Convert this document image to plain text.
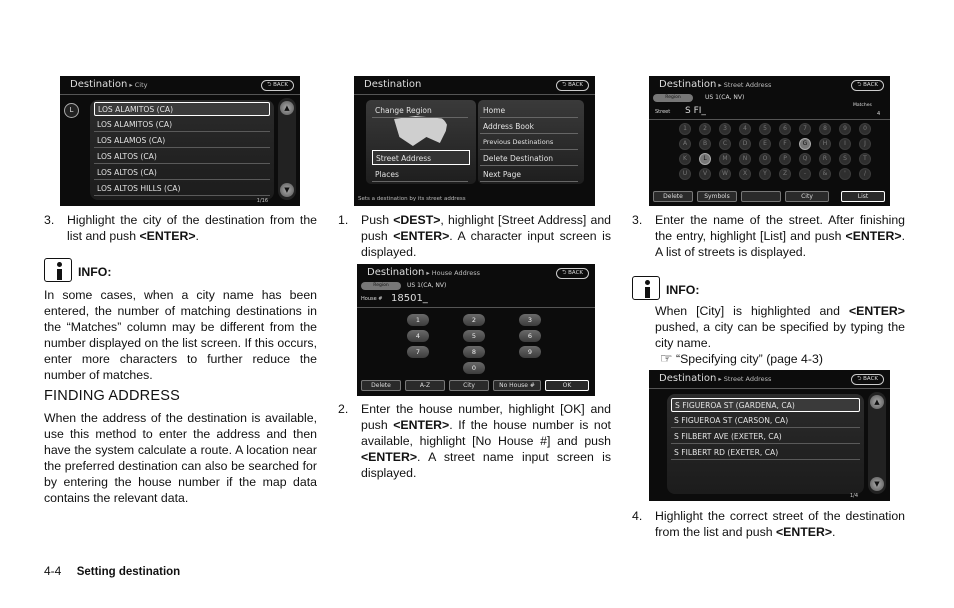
Destination ▸ City	⮌ BACK
L	LOS ALAMITOS (CA)
LOS ALAMITOS (CA)
LOS ALAMOS (CA)
LOS ALTOS (CA)
LOS ALTOS (CA)
LOS ALTOS HILLS (CA)
▲
▼
1/16
3. Highlight the city of the destination from the list and push <ENTER>.
INFO:
In some cases, when a city name has been entered, the number of matching destinations in the “Matches” column may be different from the number displayed on the list screen. If this occurs, enter more characters to further reduce the number of matches.
FINDING ADDRESS
When the address of the destination is available, use this method to enter the address and then have the system calculate a route. A location near the preferred destination can also be searched for by entering the house number if the map data contains the relevant data.
Destination	⮌ BACK
Change Region
Street Address
Places
Home
Address Book
Previous Destinations
Delete Destination
Next Page
Sets a destination by its street address
1. Push <DEST>, highlight [Street Address] and push <ENTER>. A character input screen is displayed.
Destination ▸ House Address	⮌ BACK
Region	US 1(CA, NV)
House # 18501_
1	2	3
4	5	6
7	8	9
0
Delete	A-Z	City	No House #	OK
2. Enter the house number, highlight [OK] and push <ENTER>. If the house number is not available, highlight [No House #] and push <ENTER>. A street name input screen is displayed.
Destination ▸ Street Address	⮌ BACK
Region	US 1(CA, NV)
Street S FI_
Matches
4
1	2	3	4	5	6	7	8	9	0
A	B	C	D	E	F	G	H	I	J
K	L	M	N	O	P	Q	R	S	T
U	V	W	X	Y	Z	-	&	'	/
Delete	Symbols	City	List
3. Enter the name of the street. After finishing the entry, highlight [List] and push <ENTER>. A list of streets is displayed.
INFO:
When [City] is highlighted and <ENTER> pushed, a city can be specified by typing the city name.
☞ “Specifying city” (page 4-3)
Destination ▸ Street Address	⮌ BACK
S FIGUEROA ST (GARDENA, CA)
S FIGUEROA ST (CARSON, CA)
S FILBERT AVE (EXETER, CA)
S FILBERT RD (EXETER, CA)
▲
▼
1/4
4. Highlight the correct street of the destination from the list and push <ENTER>.
4-4 Setting destination
